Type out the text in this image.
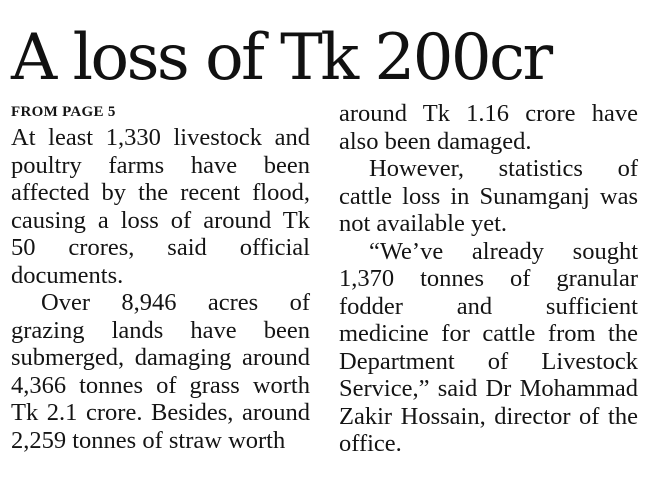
A loss of Tk 200cr
FROM PAGE 5

At least 1,330 livestock and poultry farms have been affected by the recent flood, causing a loss of around Tk 50 crores, said official documents.

Over 8,946 acres of grazing lands have been submerged, damaging around 4,366 tonnes of grass worth Tk 2.1 crore. Besides, around 2,259 tonnes of straw worth

around Tk 1.16 crore have also been damaged.

However, statistics of cattle loss in Sunamganj was not available yet.

“We’ve already sought 1,370 tonnes of granular fodder and sufficient medicine for cattle from the Department of Livestock Service,” said Dr Mohammad Zakir Hossain, director of the office.
